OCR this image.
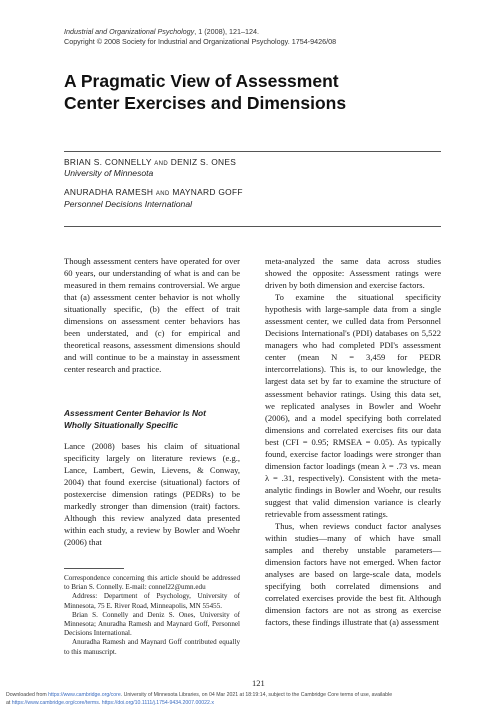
Industrial and Organizational Psychology, 1 (2008), 121–124.
Copyright © 2008 Society for Industrial and Organizational Psychology. 1754-9426/08
A Pragmatic View of Assessment
Center Exercises and Dimensions
BRIAN S. CONNELLY AND DENIZ S. ONES
University of Minnesota
ANURADHA RAMESH AND MAYNARD GOFF
Personnel Decisions International

Though assessment centers have operated for over 60 years, our understanding of what is and can be measured in them remains controversial. We argue that (a) assessment center behavior is not wholly situationally specific, (b) the effect of trait dimensions on assessment center behaviors has been understated, and (c) for empirical and theoretical reasons, assessment dimensions should and will continue to be a mainstay in assessment center research and practice.

Assessment Center Behavior Is Not
Wholly Situationally Specific

Lance (2008) bases his claim of situational specificity largely on literature reviews (e.g., Lance, Lambert, Gewin, Lievens, & Conway, 2004) that found exercise (situational) factors of postexercise dimension ratings (PEDRs) to be markedly stronger than dimension (trait) factors. Although this review analyzed data presented within each study, a review by Bowler and Woehr (2006) that

meta-analyzed the same data across studies showed the opposite: Assessment ratings were driven by both dimension and exercise factors.

To examine the situational specificity hypothesis with large-sample data from a single assessment center, we culled data from Personnel Decisions International's (PDI) databases on 5,522 managers who had completed PDI's assessment center (mean N = 3,459 for PEDR intercorrelations). This is, to our knowledge, the largest data set by far to examine the structure of assessment behavior ratings. Using this data set, we replicated analyses in Bowler and Woehr (2006), and a model specifying both correlated dimensions and correlated exercises fits our data best (CFI = 0.95; RMSEA = 0.05). As typically found, exercise factor loadings were stronger than dimension factor loadings (mean λ = .73 vs. mean λ = .31, respectively). Consistent with the meta-analytic findings in Bowler and Woehr, our results suggest that valid dimension variance is clearly retrievable from assessment ratings.

Thus, when reviews conduct factor analyses within studies—many of which have small samples and thereby unstable parameters—dimension factors have not emerged. When factor analyses are based on large-scale data, models specifying both correlated dimensions and correlated exercises provide the best fit. Although dimension factors are not as strong as exercise factors, these findings illustrate that (a) assessment

Correspondence concerning this article should be addressed to Brian S. Connelly. E-mail: connel22@umn.edu

Address: Department of Psychology, University of Minnesota, 75 E. River Road, Minneapolis, MN 55455.

Brian S. Connelly and Deniz S. Ones, University of Minnesota; Anuradha Ramesh and Maynard Goff, Personnel Decisions International.

Anuradha Ramesh and Maynard Goff contributed equally to this manuscript.

121
Downloaded from https://www.cambridge.org/core. University of Minnesota Libraries, on 04 Mar 2021 at 18:19:14, subject to the Cambridge Core terms of use, available
at https://www.cambridge.org/core/terms. https://doi.org/10.1111/j.1754-9434.2007.00022.x
